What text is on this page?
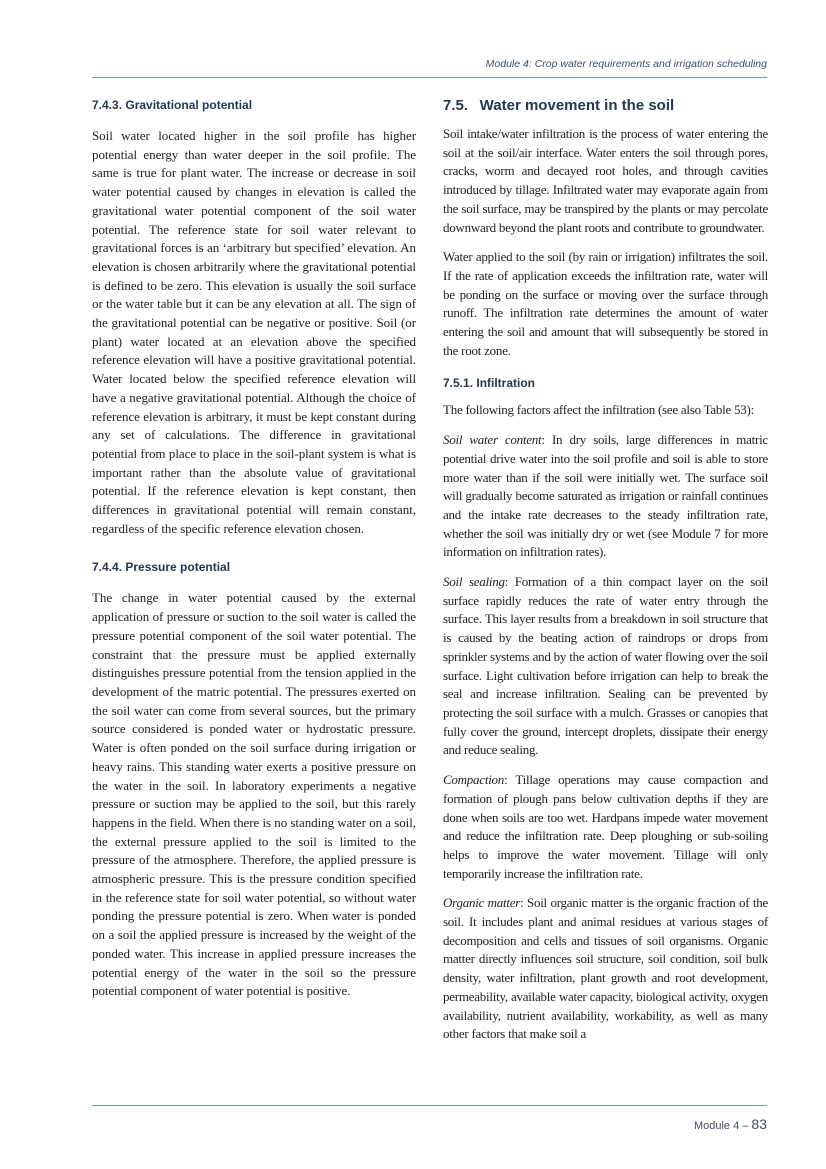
Module 4: Crop water requirements and irrigation scheduling
7.4.3. Gravitational potential

Soil water located higher in the soil profile has higher potential energy than water deeper in the soil profile. The same is true for plant water. The increase or decrease in soil water potential caused by changes in elevation is called the gravitational water potential component of the soil water potential. The reference state for soil water relevant to gravitational forces is an ‘arbitrary but specified’ elevation. An elevation is chosen arbitrarily where the gravitational potential is defined to be zero. This elevation is usually the soil surface or the water table but it can be any elevation at all. The sign of the gravitational potential can be negative or positive. Soil (or plant) water located at an elevation above the specified reference elevation will have a positive gravitational potential. Water located below the specified reference elevation will have a negative gravitational potential. Although the choice of reference elevation is arbitrary, it must be kept constant during any set of calculations. The difference in gravitational potential from place to place in the soil-plant system is what is important rather than the absolute value of gravitational potential. If the reference elevation is kept constant, then differences in gravitational potential will remain constant, regardless of the specific reference elevation chosen.

7.4.4. Pressure potential

The change in water potential caused by the external application of pressure or suction to the soil water is called the pressure potential component of the soil water potential. The constraint that the pressure must be applied externally distinguishes pressure potential from the tension applied in the development of the matric potential. The pressures exerted on the soil water can come from several sources, but the primary source considered is ponded water or hydrostatic pressure. Water is often ponded on the soil surface during irrigation or heavy rains. This standing water exerts a positive pressure on the water in the soil. In laboratory experiments a negative pressure or suction may be applied to the soil, but this rarely happens in the field. When there is no standing water on a soil, the external pressure applied to the soil is limited to the pressure of the atmosphere. Therefore, the applied pressure is atmospheric pressure. This is the pressure condition specified in the reference state for soil water potential, so without water ponding the pressure potential is zero. When water is ponded on a soil the applied pressure is increased by the weight of the ponded water. This increase in applied pressure increases the potential energy of the water in the soil so the pressure potential component of water potential is positive.

7.5.  Water movement in the soil

Soil intake/water infiltration is the process of water entering the soil at the soil/air interface. Water enters the soil through pores, cracks, worm and decayed root holes, and through cavities introduced by tillage. Infiltrated water may evaporate again from the soil surface, may be transpired by the plants or may percolate downward beyond the plant roots and contribute to groundwater.

Water applied to the soil (by rain or irrigation) infiltrates the soil. If the rate of application exceeds the infiltration rate, water will be ponding on the surface or moving over the surface through runoff. The infiltration rate determines the amount of water entering the soil and amount that will subsequently be stored in the root zone.

7.5.1. Infiltration

The following factors affect the infiltration (see also Table 53):

Soil water content: In dry soils, large differences in matric potential drive water into the soil profile and soil is able to store more water than if the soil were initially wet. The surface soil will gradually become saturated as irrigation or rainfall continues and the intake rate decreases to the steady infiltration rate, whether the soil was initially dry or wet (see Module 7 for more information on infiltration rates).

Soil sealing: Formation of a thin compact layer on the soil surface rapidly reduces the rate of water entry through the surface. This layer results from a breakdown in soil structure that is caused by the beating action of raindrops or drops from sprinkler systems and by the action of water flowing over the soil surface. Light cultivation before irrigation can help to break the seal and increase infiltration. Sealing can be prevented by protecting the soil surface with a mulch. Grasses or canopies that fully cover the ground, intercept droplets, dissipate their energy and reduce sealing.

Compaction: Tillage operations may cause compaction and formation of plough pans below cultivation depths if they are done when soils are too wet. Hardpans impede water movement and reduce the infiltration rate. Deep ploughing or sub-soiling helps to improve the water movement. Tillage will only temporarily increase the infiltration rate.

Organic matter: Soil organic matter is the organic fraction of the soil. It includes plant and animal residues at various stages of decomposition and cells and tissues of soil organisms. Organic matter directly influences soil structure, soil condition, soil bulk density, water infiltration, plant growth and root development, permeability, available water capacity, biological activity, oxygen availability, nutrient availability, workability, as well as many other factors that make soil a

Module 4 – 83
